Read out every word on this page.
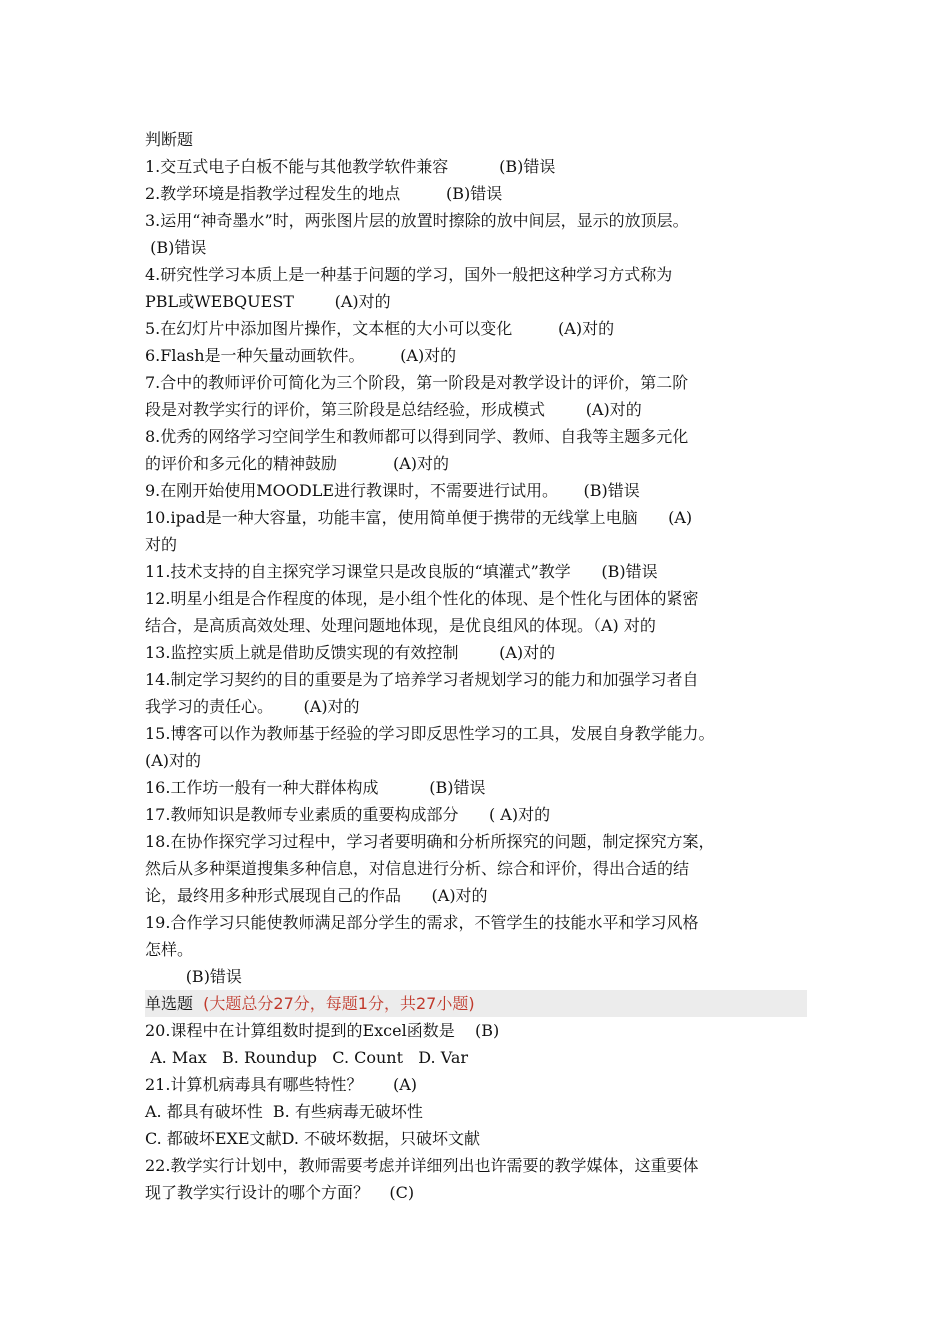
判断题
1.交互式电子白板不能与其他教学软件兼容          (B)错误
2.教学环境是指教学过程发生的地点         (B)错误
3.运用“神奇墨水”时，两张图片层的放置时擦除的放中间层，显示的放顶层。
(B)错误
4.研究性学习本质上是一种基于问题的学习，国外一般把这种学习方式称为
PBL或WEBQUEST        (A)对的
5.在幻灯片中添加图片操作，文本框的大小可以变化         (A)对的
6.Flash是一种矢量动画软件。       (A)对的
7.合中的教师评价可简化为三个阶段，第一阶段是对教学设计的评价，第二阶
段是对教学实行的评价，第三阶段是总结经验，形成模式        (A)对的
8.优秀的网络学习空间学生和教师都可以得到同学、教师、自我等主题多元化
的评价和多元化的精神鼓励           (A)对的
9.在刚开始使用MOODLE进行教课时，不需要进行试用。     (B)错误
10.ipad是一种大容量，功能丰富，使用简单便于携带的无线掌上电脑      (A)
对的
11.技术支持的自主探究学习课堂只是改良版的“填灌式”教学      (B)错误
12.明星小组是合作程度的体现，是小组个性化的体现、是个性化与团体的紧密
结合，是高质高效处理、处理问题地体现，是优良组风的体现。（A) 对的
13.监控实质上就是借助反馈实现的有效控制        (A)对的
14.制定学习契约的目的重要是为了培养学习者规划学习的能力和加强学习者自
我学习的责任心。      (A)对的
15.博客可以作为教师基于经验的学习即反思性学习的工具，发展自身教学能力。
(A)对的
16.工作坊一般有一种大群体构成          (B)错误
17.教师知识是教师专业素质的重要构成部分      ( A)对的
18.在协作探究学习过程中，学习者要明确和分析所探究的问题，制定探究方案，
然后从多种渠道搜集多种信息，对信息进行分析、综合和评价，得出合适的结
论，最终用多种形式展现自己的作品      (A)对的
19.合作学习只能使教师满足部分学生的需求，不管学生的技能水平和学习风格
怎样。
(B)错误
单选题  (大题总分27分，每题1分，共27小题)
20.课程中在计算组数时提到的Excel函数是    (B)
A. Max   B. Roundup   C. Count   D. Var
21.计算机病毒具有哪些特性？      (A)
A. 都具有破坏性  B. 有些病毒无破坏性
C. 都破坏EXE文献D. 不破坏数据，只破坏文献
22.教学实行计划中，教师需要考虑并详细列出也许需要的教学媒体，这重要体
现了教学实行设计的哪个方面？    (C)
